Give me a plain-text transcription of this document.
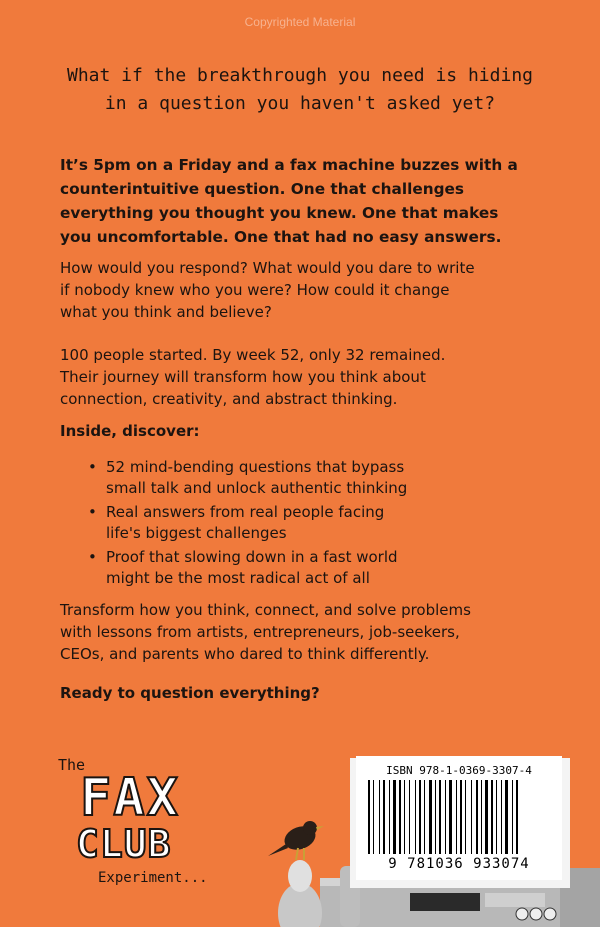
Copyrighted Material
What if the breakthrough you need is hiding
in a question you haven't asked yet?
It’s 5pm on a Friday and a fax machine buzzes with a
counterintuitive question. One that challenges
everything you thought you knew. One that makes
you uncomfortable. One that had no easy answers.
How would you respond? What would you dare to write
if nobody knew who you were? How could it change
what you think and believe?
100 people started. By week 52, only 32 remained.
Their journey will transform how you think about
connection, creativity, and abstract thinking.
Inside, discover:
• 52 mind-bending questions that bypass
small talk and unlock authentic thinking
• Real answers from real people facing
life's biggest challenges
• Proof that slowing down in a fast world
might be the most radical act of all
Transform how you think, connect, and solve problems
with lessons from artists, entrepreneurs, job-seekers,
CEOs, and parents who dared to think differently.
Ready to question everything?
The
FAX
CLUB
Experiment...
ISBN 978-1-0369-3307-4
9 781036 933074
